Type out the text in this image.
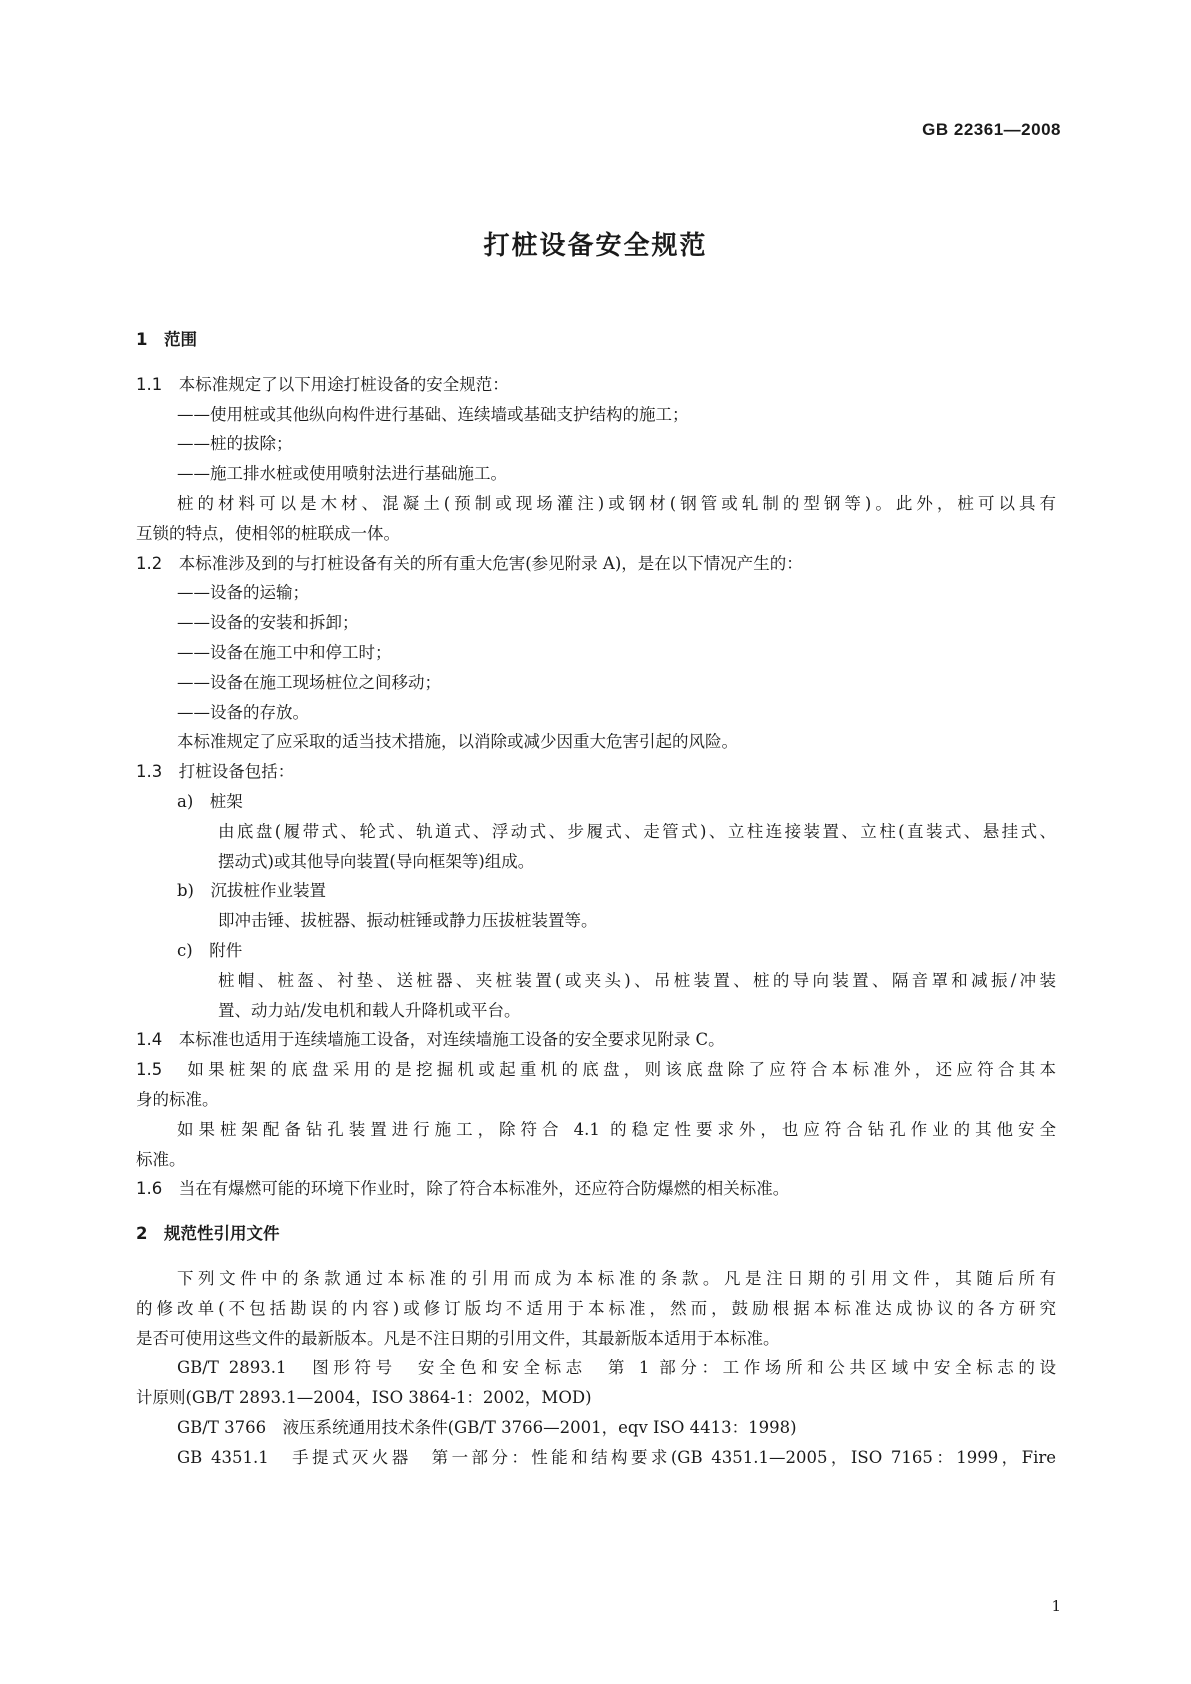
GB 22361—2008
打桩设备安全规范
1　范围
1.1　 本标准规定了以下用途打桩设备的安全规范：
——使用桩或其他纵向构件进行基础、连续墙或基础支护结构的施工；
——桩的拔除；
——施工排水桩或使用喷射法进行基础施工。
桩的材料可以是木材、混凝土(预制或现场灌注)或钢材(钢管或轧制的型钢等)。此外，桩可以具有
互锁的特点，使相邻的桩联成一体。
1.2　 本标准涉及到的与打桩设备有关的所有重大危害(参见附录 A)，是在以下情况产生的：
——设备的运输；
——设备的安装和拆卸；
——设备在施工中和停工时；
——设备在施工现场桩位之间移动；
——设备的存放。
本标准规定了应采取的适当技术措施，以消除或减少因重大危害引起的风险。
1.3　 打桩设备包括：
a)　 桩架
由底盘(履带式、轮式、轨道式、浮动式、步履式、走管式)、立柱连接装置、立柱(直装式、悬挂式、
摆动式)或其他导向装置(导向框架等)组成。
b)　 沉拔桩作业装置
即冲击锤、拔桩器、振动桩锤或静力压拔桩装置等。
c)　 附件
桩帽、桩盔、衬垫、送桩器、夹桩装置(或夹头)、吊桩装置、桩的导向装置、隔音罩和减振/冲装
置、动力站/发电机和载人升降机或平台。
1.4　 本标准也适用于连续墙施工设备，对连续墙施工设备的安全要求见附录 C。
1.5　 如果桩架的底盘采用的是挖掘机或起重机的底盘，则该底盘除了应符合本标准外，还应符合其本
身的标准。
如果桩架配备钻孔装置进行施工，除符合 4.1 的稳定性要求外，也应符合钻孔作业的其他安全
标准。
1.6　 当在有爆燃可能的环境下作业时，除了符合本标准外，还应符合防爆燃的相关标准。
2　规范性引用文件
下列文件中的条款通过本标准的引用而成为本标准的条款。凡是注日期的引用文件，其随后所有
的修改单(不包括勘误的内容)或修订版均不适用于本标准，然而，鼓励根据本标准达成协议的各方研究
是否可使用这些文件的最新版本。凡是不注日期的引用文件，其最新版本适用于本标准。
GB/T 2893.1　图形符号　安全色和安全标志　第 1 部分：工作场所和公共区域中安全标志的设
计原则(GB/T 2893.1—2004，ISO 3864-1：2002，MOD)
GB/T 3766　液压系统通用技术条件(GB/T 3766—2001，eqv ISO 4413：1998)
GB 4351.1　手提式灭火器　第一部分：性能和结构要求(GB 4351.1—2005，ISO 7165：1999，Fire
1
